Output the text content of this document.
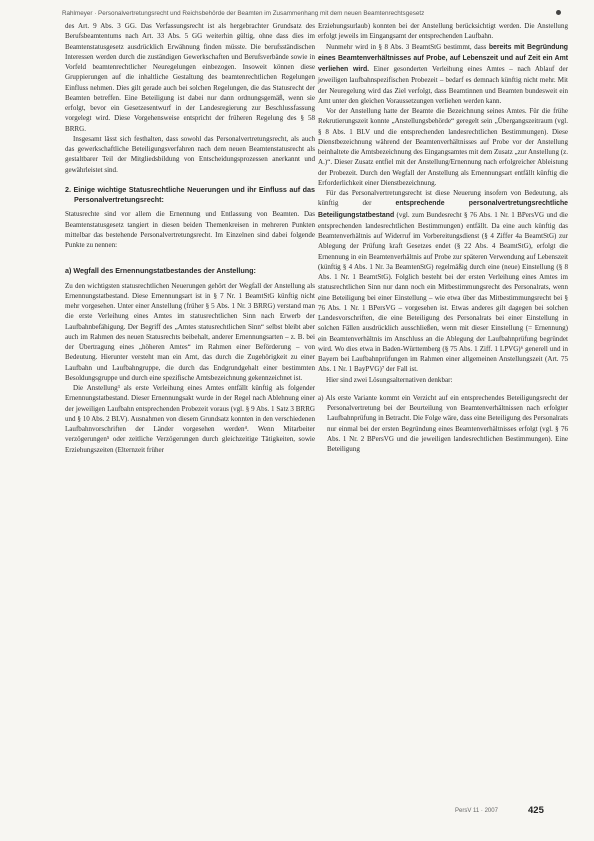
Rahlmeyer · Personalvertretungsrecht und Reichsbehörde der Beamten im Zusammenhang mit dem neuen Beamtenrechtsgesetz

des Art. 9 Abs. 3 GG. Das Verfassungsrecht ist als hergebrachter Grundsatz des Berufsbeamtentums nach Art. 33 Abs. 5 GG weiterhin gültig, ohne dass dies im Beamtenstatusgesetz ausdrücklich Erwähnung finden müsste. Die berufsständischen Interessen werden durch die zuständigen Gewerkschaften und Berufsverbände sowie in Vorfeld beamtenrechtlicher Neuregelungen einbezogen. Insoweit können diese Gruppierungen auf die inhaltliche Gestaltung des beamtenrechtlichen Regelungen Einfluss nehmen. Dies gilt gerade auch bei solchen Regelungen, die das Statusrecht der Beamten betreffen. Eine Beteiligung ist dabei nur dann ordnungsgemäß, wenn sie erfolgt, bevor ein Gesetzesentwurf in der Landesregierung zur Beschlussfassung vorgelegt wird. Diese Vorgehensweise entspricht der früheren Regelung des § 58 BRRG.

Insgesamt lässt sich festhalten, dass sowohl das Personalvertretungsrecht, als auch das gewerkschaftliche Beteiligungsverfahren nach dem neuen Beamtenstatusrecht als gestaltbarer Teil der Mitgliedsbildung von Entscheidungsprozessen anerkannt und gewährleistet sind.

2. Einige wichtige Statusrechtliche Neuerungen und ihr Einfluss auf das Personalvertretungsrecht:

Statusrechte sind vor allem die Ernennung und Entlassung von Beamten. Das Beamtenstatusgesetz tangiert in diesen beiden Themenkreisen in mehreren Punkten mittelbar das bestehende Personalvertretungsrecht. Im Einzelnen sind dabei folgende Punkte zu nennen:

a) Wegfall des Ernennungstatbestandes der Anstellung:

Zu den wichtigsten statusrechtlichen Neuerungen gehört der Wegfall der Anstellung als Ernennungstatbestand. Diese Ernennungsart ist in § 7 Nr. 1 BeamtStG künftig nicht mehr vorgesehen. Unter einer Anstellung (früher § 5 Abs. 1 Nr. 3 BRRG) verstand man die erste Verleihung eines Amtes im statusrechtlichen Sinn nach Erwerb der Laufbahnbefähigung. Der Begriff des „Amtes statusrechtlichen Sinn“ selbst bleibt aber auch im Rahmen des neuen Statusrechts beibehalt, anderer Ernennungsarten – z. B. bei der Übertragung eines „höheren Amtes“ im Rahmen einer Beförderung – von Bedeutung. Hierunter versteht man ein Amt, das durch die Zugehörigkeit zu einer Laufbahn und Laufbahngruppe, die durch das Endgrundgehalt einer bestimmten Besoldungsgruppe und durch eine spezifische Amtsbezeichnung gekennzeichnet ist.

Die Anstellung³ als erste Verleihung eines Amtes entfällt künftig als folgender Ernennungstatbestand. Dieser Ernennungsakt wurde in der Regel nach Ablehnung einer der jeweiligen Laufbahn entsprechenden Probezeit voraus (vgl. § 9 Abs. 1 Satz 3 BRRG und § 10 Abs. 2 BLV). Ausnahmen von diesem Grundsatz konnten in den verschiedenen Laufbahnvorschriften der Länder vorgesehen werden⁴. Wenn Mitarbeiter verzögerungen⁵ oder zeitliche Verzögerungen durch gleichzeitige Tätigkeiten, sowie Erziehungszeiten (Elternzeit früher

Erziehungsurlaub) konnten bei der Anstellung berücksichtigt werden. Die Anstellung erfolgt jeweils im Eingangsamt der entsprechenden Laufbahn.

Nunmehr wird in § 8 Abs. 3 BeamtStG bestimmt, dass bereits mit Begründung eines Beamtenverhältnisses auf Probe, auf Lebenszeit und auf Zeit ein Amt verliehen wird. Einer gesonderten Verleihung eines Amtes – nach Ablauf der jeweiligen laufbahnspezifischen Probezeit – bedarf es demnach künftig nicht mehr. Mit der Neuregelung wird das Ziel verfolgt, dass Beamtinnen und Beamten bundesweit ein Amt unter den gleichen Voraussetzungen verliehen werden kann.

Vor der Anstellung hatte der Beamte die Bezeichnung seines Amtes. Für die frühe Rekrutierungszeit konnte „Anstellungsbehörde“ geregelt sein „Übergangszeitraum (vgl. § 8 Abs. 1 BLV und die entsprechenden landesrechtlichen Bestimmungen). Diese Dienstbezeichnung während der Beamtenverhältnisses auf Probe vor der Anstellung beinhaltete die Amtsbezeichnung des Eingangsamtes mit dem Zusatz „zur Anstellung (z. A.)“. Dieser Zusatz entfiel mit der Anstellung/Ernennung nach erfolgreicher Ableistung der Probezeit. Durch den Wegfall der Anstellung als Ernennungsart entfällt künftig die Erforderlichkeit einer Dienstbezeichnung.

Für das Personalvertretungsrecht ist diese Neuerung insofern von Bedeutung, als künftig der entsprechende personalvertretungsrechtliche Beteiligungstatbestand (vgl. zum Bundesrecht § 76 Abs. 1 Nr. 1 BPersVG und die entsprechenden landesrechtlichen Bestimmungen) entfällt. Da eine auch künftig das Beamtenverhältnis auf Widerruf im Vorbereitungsdienst (§ 4 Ziffer 4a BeamtStG) zur Ablegung der Prüfung kraft Gesetzes endet (§ 22 Abs. 4 BeamtStG), erfolgt die Ernennung in ein Beamtenverhältnis auf Probe zur späteren Verwendung auf Lebenszeit (künftig § 4 Abs. 1 Nr. 3a BeamtenStG) regelmäßig durch eine (neue) Einstellung (§ 8 Abs. 1 Nr. 1 BeamtStG). Folglich besteht bei der ersten Verleihung eines Amtes im statusrechtlichen Sinn nur dann noch ein Mitbestimmungsrecht des Personalrats, wenn eine Beteiligung bei einer Einstellung – wie etwa über das Mitbestimmungsrecht bei § 76 Abs. 1 Nr. 1 BPersVG – vorgesehen ist. Etwas anderes gilt dagegen bei solchen Landesvorschriften, die eine Beteiligung des Personalrats bei einer Einstellung in solchen Fällen ausdrücklich ausschließen, wenn mit dieser Einstellung (= Ernennung) ein Beamtenverhältnis im Anschluss an die Ablegung der Laufbahnprüfung begründet wird. Wo dies etwa in Baden-Württemberg (§ 75 Abs. 1 Ziff. 1 LPVG)⁶ generell und in Bayern bei Laufbahnprüfungen im Rahmen einer allgemeinen Anstellungszeit (Art. 75 Abs. 1 Nr. 1 BayPVG)⁷ der Fall ist.

Hier sind zwei Lösungsalternativen denkbar:

a) Als erste Variante kommt ein Verzicht auf ein entsprechendes Beteiligungsrecht der Personalvertretung bei der Beurteilung von Beamtenverhältnissen nach erfolgter Laufbahnprüfung in Betracht. Die Folge wäre, dass eine Beteiligung des Personalrats nur einmal bei der ersten Begründung eines Beamtenverhältnisses erfolgt (vgl. § 76 Abs. 1 Nr. 2 BPersVG und die jeweiligen landesrechtlichen Bestimmungen). Eine Beteiligung

PersV 11 · 2007	425
